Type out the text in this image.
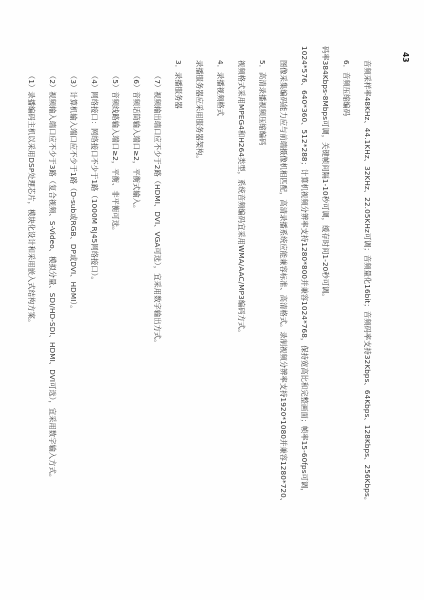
（1）录播编码主机以采用DSP处理芯片，模块化设计和采用嵌入式结构方案。 （2）视频输入端口应不少于3路（复合视频、S-Video、模拟分量、SDI/HD-SDI、HDMI、DVI可选），宜采用数字输入方式。 （3）计算机输入端口应不少于1路（D-sub或RGB、DP或DVI、HDMI）。 （4）网络接口：网络接口不少于1路（1000M RJ45网络接口）。 （5）音频线路输入端口≥2，平衡、非平衡可选。 （6）音频话筒输入端口≥2，平衡式输入。 （7）视频输出端口应不少于2路（HDMI、DVI、VGA可选），宜采用数字输出方式。 3．录播服务器 录播服务器应采用服务器架构。 4．录播视频格式 视频格式采用MPEG4和H264类型，系统音频编码宜采用WMA/AAC/MP3编码方式。 5．高清录播视频压缩编码 图像采集编码能力应与前端摄像机相匹配，高清录播系统应能兼容标准、高清格式。录制视频分辨率支持1920*1080并兼容1280*720、 1024*576、640*360、512*288；计算机视频分辨率支持1280*800并兼容1024*768，保持宽高比和完整画面；帧率15-60fps可调， 码率384Kbps-8Mbps可调，关键帧间隔1-10秒可调，缓存时间1-20秒可调。 6．音频压缩编码 音频采样率48KHz、44.1KHz、32KHz、22.05KHz可调；音频量化16bit；音频码率支持32Kbps、64Kbps、128Kbps、256Kbps。
43
